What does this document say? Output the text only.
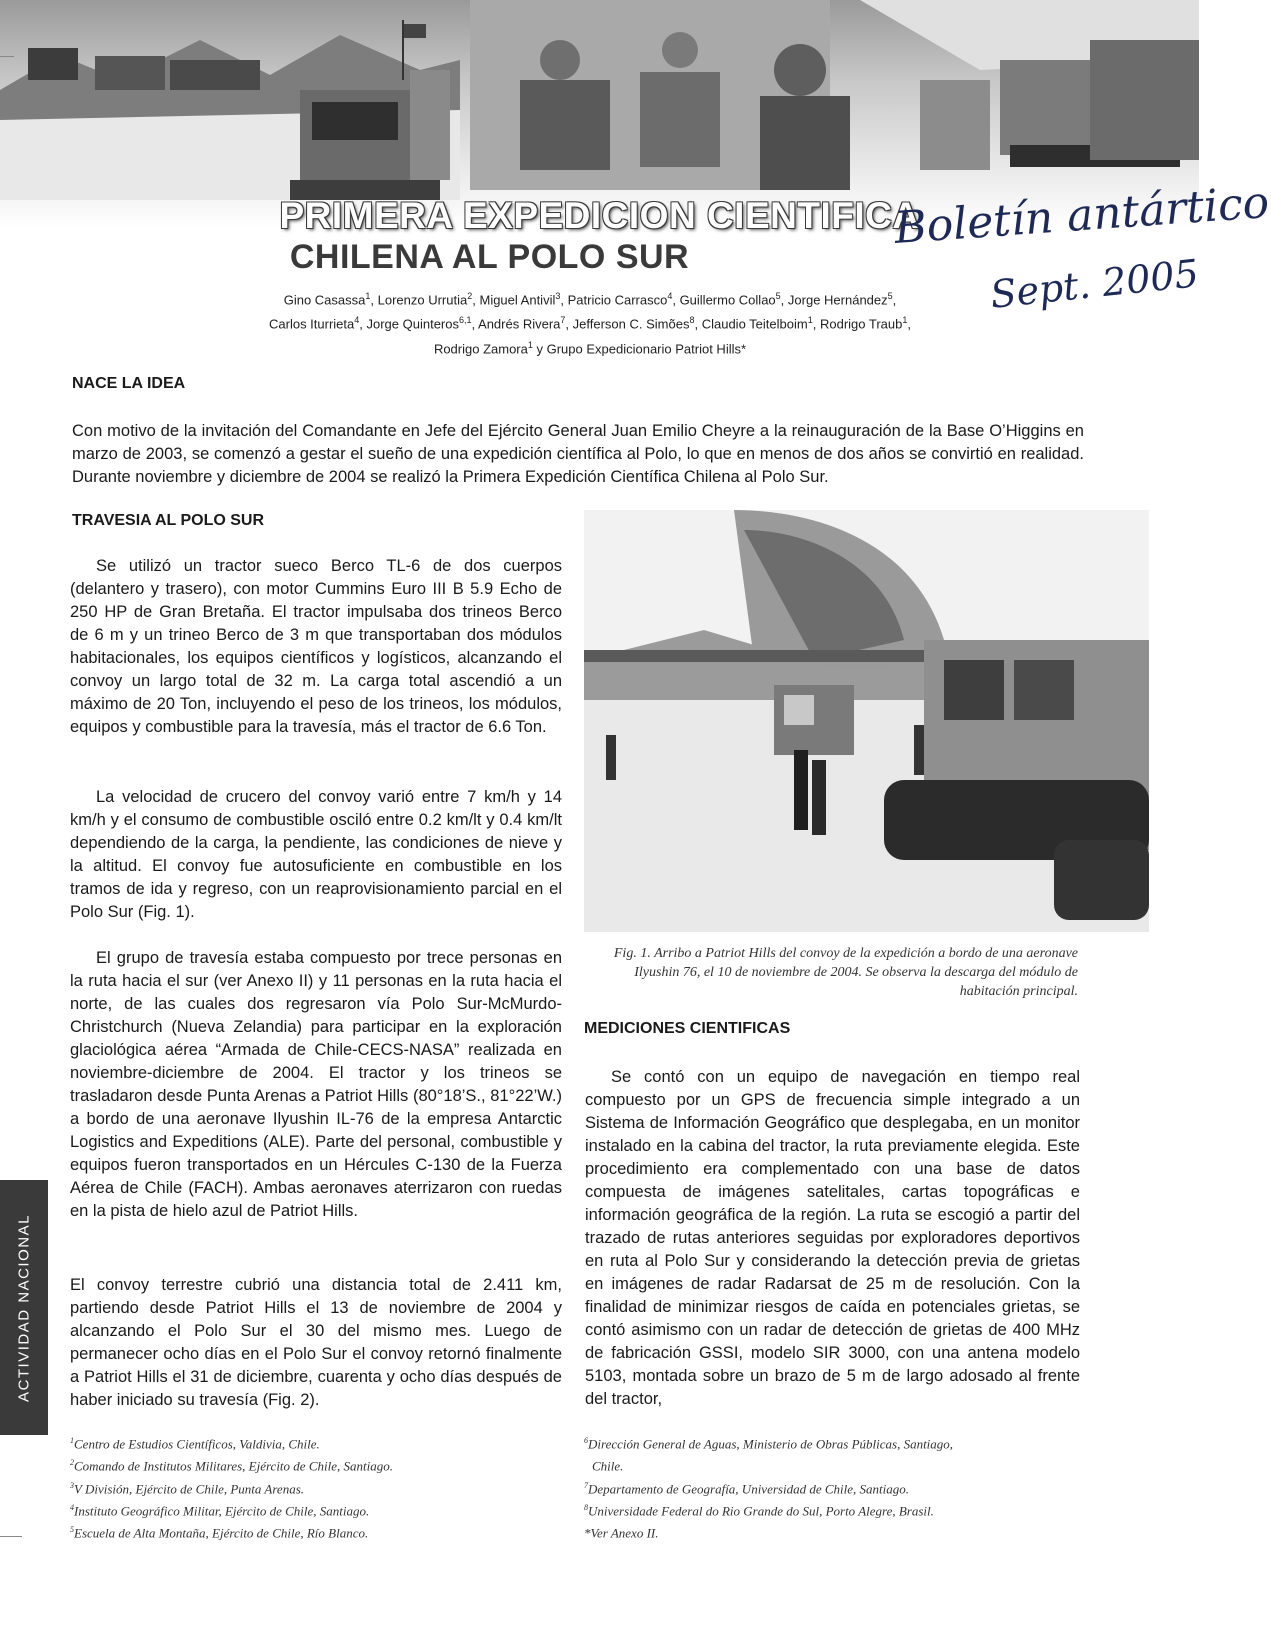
PRIMERA EXPEDICION CIENTIFICA
CHILENA AL POLO SUR
Boletín antártico
Sept. 2005
Gino Casassa$^1$, Lorenzo Urrutia$^2$, Miguel Antivil$^3$, Patricio Carrasco$^4$, Guillermo Collao$^5$, Jorge Hernández$^5$,
Carlos Iturrieta$^4$, Jorge Quinteros$^{6,1}$, Andrés Rivera$^7$, Jefferson C. Simões$^8$, Claudio Teitelboim$^1$, Rodrigo Traub$^1$,
Rodrigo Zamora$^1$ y Grupo Expedicionario Patriot Hills*
NACE LA IDEA

Con motivo de la invitación del Comandante en Jefe del Ejército General Juan Emilio Cheyre a la reinauguración de la Base O’Higgins en marzo de 2003, se comenzó a gestar el sueño de una expedición científica al Polo, lo que en menos de dos años se convirtió en realidad. Durante noviembre y diciembre de 2004 se realizó la Primera Expedición Científica Chilena al Polo Sur.

TRAVESIA AL POLO SUR

Se utilizó un tractor sueco Berco TL-6 de dos cuerpos (delantero y trasero), con motor Cummins Euro III B 5.9 Echo de 250 HP de Gran Bretaña. El tractor impulsaba dos trineos Berco de 6 m y un trineo Berco de 3 m que transportaban dos módulos habitacionales, los equipos científicos y logísticos, alcanzando el convoy un largo total de 32 m. La carga total ascendió a un máximo de 20 Ton, incluyendo el peso de los trineos, los módulos, equipos y combustible para la travesía, más el tractor de 6.6 Ton.

La velocidad de crucero del convoy varió entre 7 km/h y 14 km/h y el consumo de combustible osciló entre 0.2 km/lt y 0.4 km/lt dependiendo de la carga, la pendiente, las condiciones de nieve y la altitud. El convoy fue autosuficiente en combustible en los tramos de ida y regreso, con un reaprovisionamiento parcial en el Polo Sur (Fig. 1).

El grupo de travesía estaba compuesto por trece personas en la ruta hacia el sur (ver Anexo II) y 11 personas en la ruta hacia el norte, de las cuales dos regresaron vía Polo Sur-McMurdo-Christchurch (Nueva Zelandia) para participar en la exploración glaciológica aérea “Armada de Chile-CECS-NASA” realizada en noviembre-diciembre de 2004. El tractor y los trineos se trasladaron desde Punta Arenas a Patriot Hills (80°18’S., 81°22’W.) a bordo de una aeronave Ilyushin IL-76 de la empresa Antarctic Logistics and Expeditions (ALE). Parte del personal, combustible y equipos fueron transportados en un Hércules C-130 de la Fuerza Aérea de Chile (FACH). Ambas aeronaves aterrizaron con ruedas en la pista de hielo azul de Patriot Hills.

El convoy terrestre cubrió una distancia total de 2.411 km, partiendo desde Patriot Hills el 13 de noviembre de 2004 y alcanzando el Polo Sur el 30 del mismo mes. Luego de permanecer ocho días en el Polo Sur el convoy retornó finalmente a Patriot Hills el 31 de diciembre, cuarenta y ocho días después de haber iniciado su travesía (Fig. 2).

Fig. 1. Arribo a Patriot Hills del convoy de la expedición a bordo de una aeronave Ilyushin 76, el 10 de noviembre de 2004. Se observa la descarga del módulo de habitación principal.
MEDICIONES CIENTIFICAS

Se contó con un equipo de navegación en tiempo real compuesto por un GPS de frecuencia simple integrado a un Sistema de Información Geográfico que desplegaba, en un monitor instalado en la cabina del tractor, la ruta previamente elegida. Este procedimiento era complementado con una base de datos compuesta de imágenes satelitales, cartas topográficas e información geográfica de la región. La ruta se escogió a partir del trazado de rutas anteriores seguidas por exploradores deportivos en ruta al Polo Sur y considerando la detección previa de grietas en imágenes de radar Radarsat de 25 m de resolución. Con la finalidad de minimizar riesgos de caída en potenciales grietas, se contó asimismo con un radar de detección de grietas de 400 MHz de fabricación GSSI, modelo SIR 3000, con una antena modelo 5103, montada sobre un brazo de 5 m de largo adosado al frente del tractor,

$^1$Centro de Estudios Científicos, Valdivia, Chile.
$^2$Comando de Institutos Militares, Ejército de Chile, Santiago.
$^3$V División, Ejército de Chile, Punta Arenas.
$^4$Instituto Geográfico Militar, Ejército de Chile, Santiago.
$^5$Escuela de Alta Montaña, Ejército de Chile, Río Blanco.
$^6$Dirección General de Aguas, Ministerio de Obras Públicas, Santiago,
Chile.
$^7$Departamento de Geografía, Universidad de Chile, Santiago.
$^8$Universidade Federal do Rio Grande do Sul, Porto Alegre, Brasil.
*Ver Anexo II.
ACTIVIDAD NACIONAL
